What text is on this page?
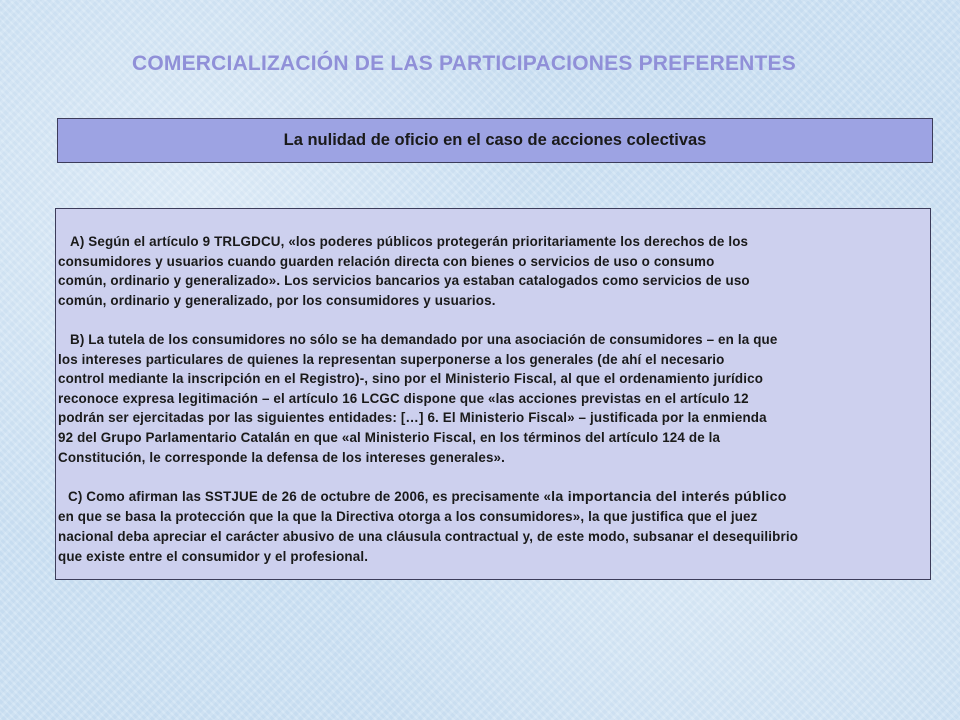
COMERCIALIZACIÓN DE LAS PARTICIPACIONES PREFERENTES
La nulidad de oficio en el caso de acciones colectivas
A) Según el artículo 9 TRLGDCU, «los poderes públicos protegerán prioritariamente los derechos de los
consumidores y usuarios cuando guarden relación directa con bienes o servicios de uso o consumo
común, ordinario y generalizado». Los servicios bancarios ya estaban catalogados como servicios de uso
común, ordinario y generalizado, por los consumidores y usuarios.
B) La tutela de los consumidores no sólo se ha demandado por una asociación de consumidores – en la que
los intereses particulares de quienes la representan superponerse a los generales (de ahí el necesario
control mediante la inscripción en el Registro)-, sino por el Ministerio Fiscal, al que el ordenamiento jurídico
reconoce expresa legitimación – el artículo 16 LCGC dispone que «las acciones previstas en el artículo 12
podrán ser ejercitadas por las siguientes entidades: […] 6. El Ministerio Fiscal» – justificada por la enmienda
92 del Grupo Parlamentario Catalán en que «al Ministerio Fiscal, en los términos del artículo 124 de la
Constitución, le corresponde la defensa de los intereses generales».
C) Como afirman las SSTJUE de 26 de octubre de 2006, es precisamente «la importancia del interés público
en que se basa la protección que la que la Directiva otorga a los consumidores», la que justifica que el juez
nacional deba apreciar el carácter abusivo de una cláusula contractual y, de este modo, subsanar el desequilibrio
que existe entre el consumidor y el profesional.
